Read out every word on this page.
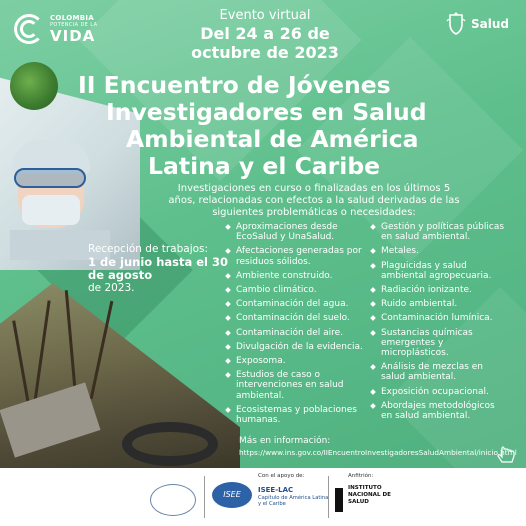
COLOMBIA
POTENCIA DE LA
VIDA
Evento virtual
Del 24 a 26 de
octubre de 2023
Salud
II Encuentro de Jóvenes
Investigadores en Salud
Ambiental de América
Latina y el Caribe
Investigaciones en curso o finalizadas en los últimos 5 años, relacionadas con efectos a la salud derivadas de las siguientes problemáticas o necesidades:
Recepción de trabajos:
1 de junio hasta el 30 de agosto
de 2023.
Aproximaciones desde EcoSalud y UnaSalud.
Afectaciones generadas por residuos sólidos.
Ambiente construido.
Cambio climático.
Contaminación del agua.
Contaminación del suelo.
Contaminación del aire.
Divulgación de la evidencia.
Exposoma.
Estudios de caso o intervenciones en salud ambiental.
Ecosistemas y poblaciones humanas.
Gestión y políticas públicas en salud ambiental.
Metales.
Plaguicidas y salud ambiental agropecuaria.
Radiación ionizante.
Ruido ambiental.
Contaminación lumínica.
Sustancias químicas emergentes y microplásticos.
Análisis de mezclas en salud ambiental.
Exposición ocupacional.
Abordajes metodológicos en salud ambiental.
Más en información:
https://www.ins.gov.co/IIEncuentroInvestigadoresSaludAmbiental/inicio.html
Con el apoyo de:
ISEE	ISEE-LAC
Capítulo de América Latina
y el Caribe
Anfitrión:
INSTITUTO
NACIONAL DE
SALUD
